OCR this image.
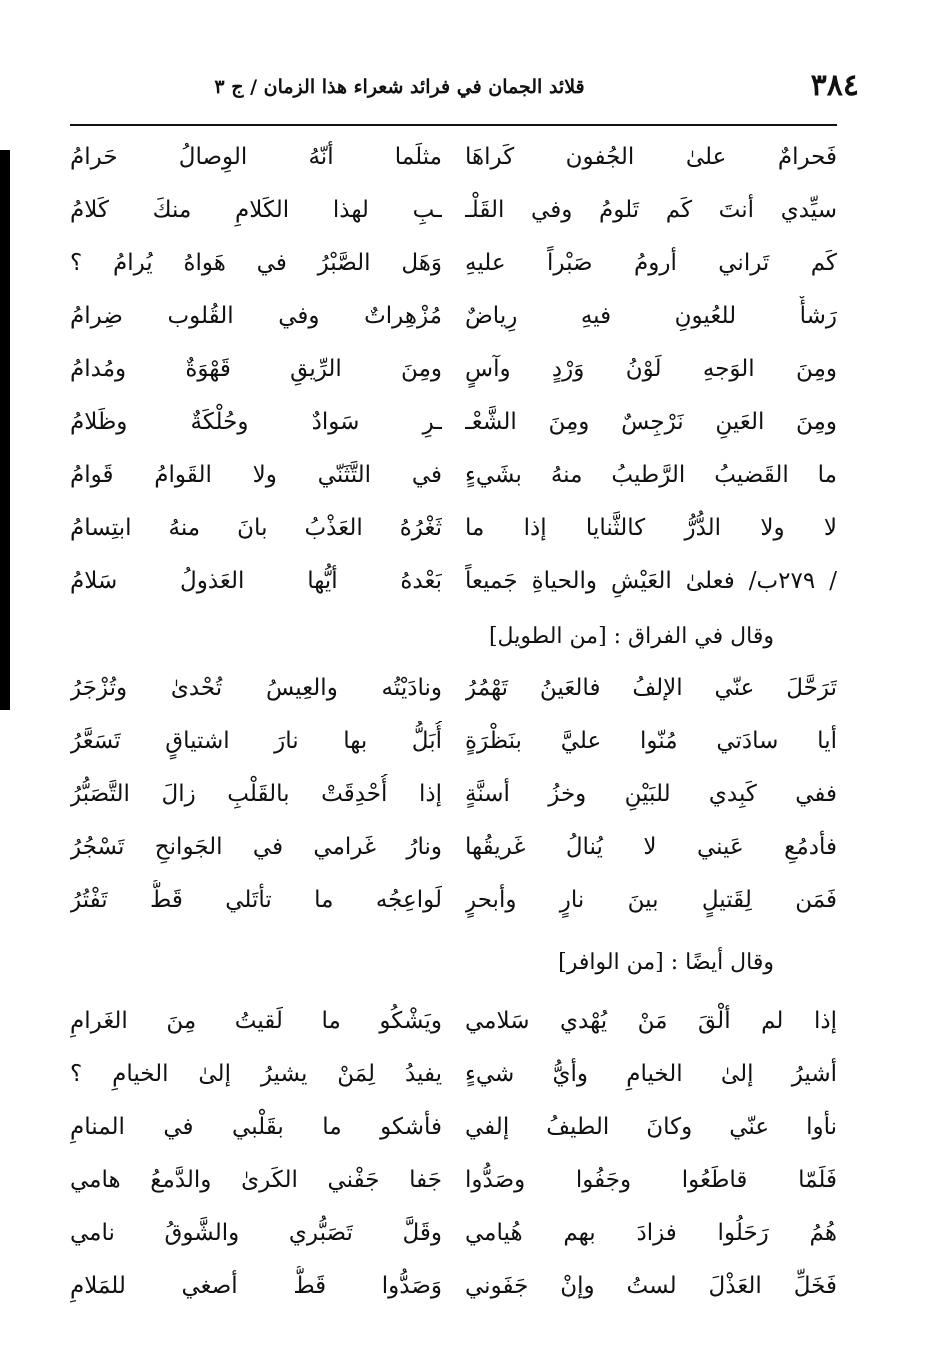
٣٨٤
قلائد الجمان في فرائد شعراء هذا الزمان / ج ٣
فَحرامٌ علىٰ الجُفون كَراهَا
مثلَما أنّهُ الوِصالُ حَرامُ
سيِّدي أنتَ كَم تَلومُ وفي القَلْـ
ـبِ لهذا الكَلامِ منكَ كَلامُ
كَم تَراني أرومُ صَبْراً عليهِ
وَهَل الصَّبْرُ في هَواهُ يُرامُ ؟
رَشأٌ للعُيونِ فيهِ رِياضٌ
مُزْهِراتٌ وفي القُلوب ضِرامُ
ومِنَ الوَجهِ لَوْنُ وَرْدٍ وآسٍ
ومِنَ الرِّيقِ قَهْوَةٌ ومُدامُ
ومِنَ العَينِ نَرْجِسٌ ومِنَ الشَّعْـ
ـرِ سَوادٌ وحُلْكَةٌ وظَلامُ
ما القَضيبُ الرَّطيبُ منهُ بشَيءٍ
في التَّثَنّي ولا القَوامُ قَوامُ
لا ولا الدُّرُّ كالثَّنايا إذا ما
ثَغْرُهُ العَذْبُ بانَ منهُ ابتِسامُ
/ ٢٧٩ب/ فعلىٰ العَيْشِ والحياةِ جَميعاً
بَعْدهُ أيُّها العَذولُ سَلامُ
وقال في الفراق : [من الطويل]
تَرَحَّلَ عنّي الإلفُ فالعَينُ تَهْمُرُ
ونادَيْتُه والعِيسُ تُحْدىٰ وتُزْجَرُ
أيا سادَتي مُنّوا عليَّ بنَظْرَةٍ
أُبَلُّ بها نارَ اشتياقٍ تَسَعَّرُ
ففي كَبِدي للبَيْنِ وخزُ أسنَّةٍ
إذا أُحْدِقَتْ بالقَلْبِ زالَ التَّصَبُّرُ
فأدمُعِ عَيني لا يُنالُ غَريقُها
ونارُ غَرامي في الجَوانحِ تَسْجُرُ
فَمَن لِقَتيلٍ بينَ نارٍ وأبحرٍ
لَواعِجُه ما تأتَلي قَطُّ تَفْتُرُ
وقال أيضًا : [من الوافر]
إذا لم ألْقَ مَنْ يُهْدي سَلامي
ويَشْكُو ما لَقيتُ مِنَ الغَرامِ
أشيرُ إلىٰ الخيامِ وأيُّ شيءٍ
يفيدُ لِمَنْ يشيرُ إلىٰ الخيامِ ؟
نأوا عنّي وكانَ الطيفُ إلفي
فأشكو ما بقَلْبي في المنامِ
فَلَمّا قاطَعُوا وجَفُوا وصَدُّوا
جَفا جَفْني الكَرىٰ والدَّمعُ هامي
هُمُ رَحَلُوا فزادَ بهم هُيامي
وقَلَّ تَصَبُّري والشَّوقُ نامي
فَخَلِّ العَذْلَ لستُ وإنْ جَفَوني
وَصَدُّوا قَطُّ أصغي للمَلامِ
